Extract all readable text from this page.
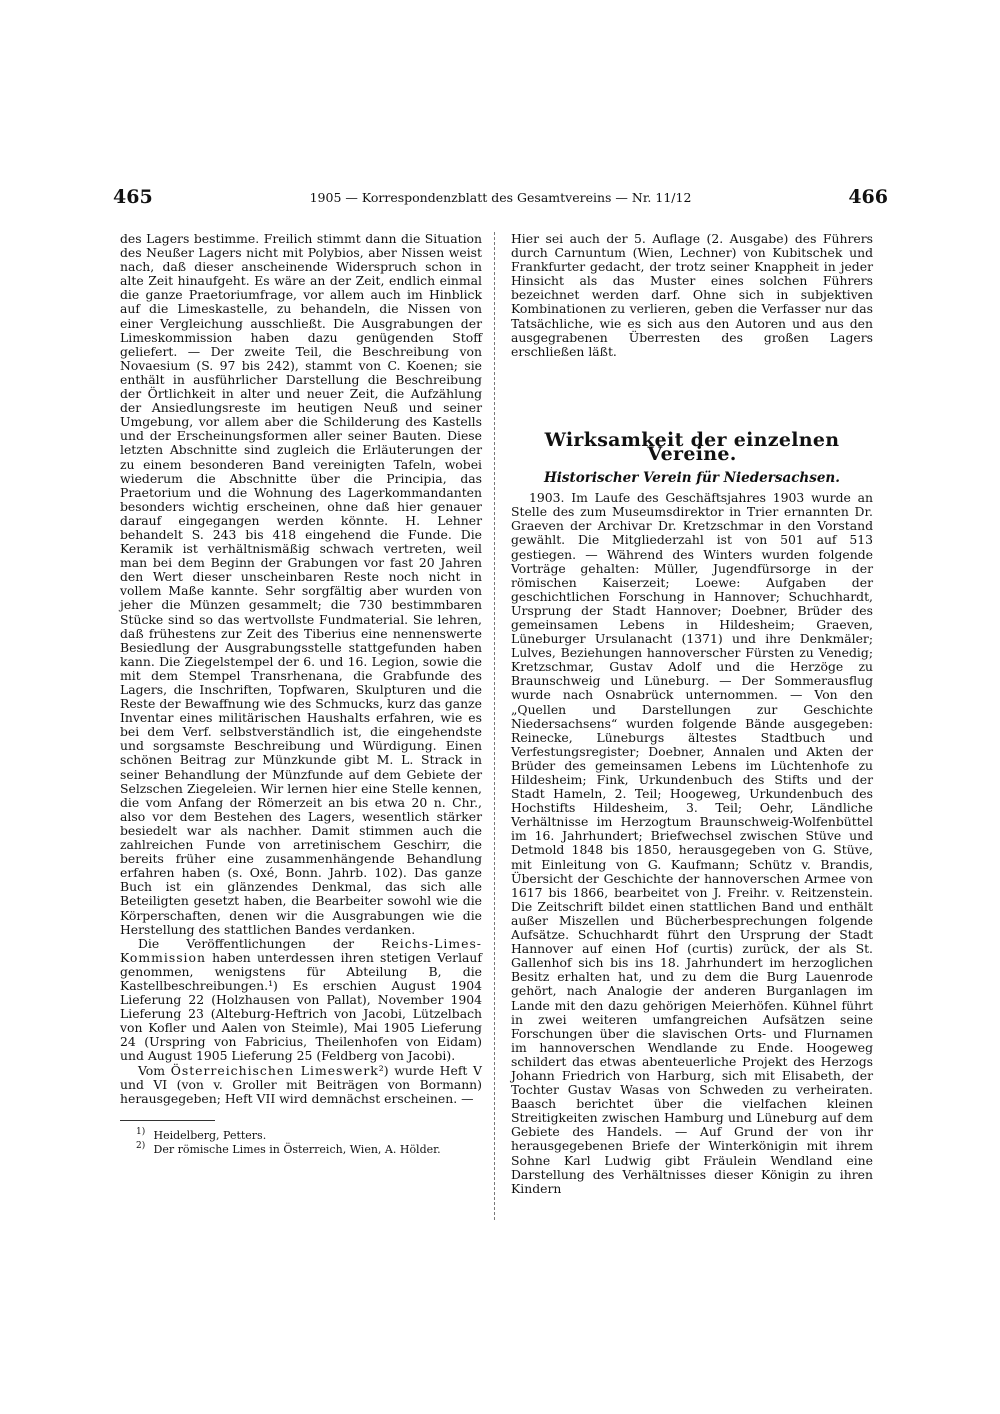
465	1905 — Korrespondenzblatt des Gesamtvereins — Nr. 11/12	466

des Lagers bestimme. Freilich stimmt dann die Situation des Neußer Lagers nicht mit Polybios, aber Nissen weist nach, daß dieser anscheinende Widerspruch schon in alte Zeit hinaufgeht. Es wäre an der Zeit, endlich einmal die ganze Praetoriumfrage, vor allem auch im Hinblick auf die Limeskastelle, zu behandeln, die Nissen von einer Vergleichung ausschließt. Die Ausgrabungen der Limeskommission haben dazu genügenden Stoff geliefert. — Der zweite Teil, die Beschreibung von Novaesium (S. 97 bis 242), stammt von C. Koenen; sie enthält in ausführlicher Darstellung die Beschreibung der Örtlichkeit in alter und neuer Zeit, die Aufzählung der Ansiedlungsreste im heutigen Neuß und seiner Umgebung, vor allem aber die Schilderung des Kastells und der Erscheinungsformen aller seiner Bauten. Diese letzten Abschnitte sind zugleich die Erläuterungen der zu einem besonderen Band vereinigten Tafeln, wobei wiederum die Abschnitte über die Principia, das Praetorium und die Wohnung des Lagerkommandanten besonders wichtig erscheinen, ohne daß hier genauer darauf eingegangen werden könnte. H. Lehner behandelt S. 243 bis 418 eingehend die Funde. Die Keramik ist verhältnismäßig schwach vertreten, weil man bei dem Beginn der Grabungen vor fast 20 Jahren den Wert dieser unscheinbaren Reste noch nicht in vollem Maße kannte. Sehr sorgfältig aber wurden von jeher die Münzen gesammelt; die 730 bestimmbaren Stücke sind so das wertvollste Fundmaterial. Sie lehren, daß frühestens zur Zeit des Tiberius eine nennenswerte Besiedlung der Ausgrabungsstelle stattgefunden haben kann. Die Ziegelstempel der 6. und 16. Legion, sowie die mit dem Stempel Transrhenana, die Grabfunde des Lagers, die Inschriften, Topfwaren, Skulpturen und die Reste der Bewaffnung wie des Schmucks, kurz das ganze Inventar eines militärischen Haushalts erfahren, wie es bei dem Verf. selbstverständlich ist, die eingehendste und sorgsamste Beschreibung und Würdigung. Einen schönen Beitrag zur Münzkunde gibt M. L. Strack in seiner Behandlung der Münzfunde auf dem Gebiete der Selzschen Ziegeleien. Wir lernen hier eine Stelle kennen, die vom Anfang der Römerzeit an bis etwa 20 n. Chr., also vor dem Bestehen des Lagers, wesentlich stärker besiedelt war als nachher. Damit stimmen auch die zahlreichen Funde von arretinischem Geschirr, die bereits früher eine zusammenhängende Behandlung erfahren haben (s. Oxé, Bonn. Jahrb. 102). Das ganze Buch ist ein glänzendes Denkmal, das sich alle Beteiligten gesetzt haben, die Bearbeiter sowohl wie die Körperschaften, denen wir die Ausgrabungen wie die Herstellung des stattlichen Bandes verdanken.

Die Veröffentlichungen der Reichs-Limes-Kommission haben unterdessen ihren stetigen Verlauf genommen, wenigstens für Abteilung B, die Kastellbeschreibungen.¹) Es erschien August 1904 Lieferung 22 (Holzhausen von Pallat), November 1904 Lieferung 23 (Alteburg-Heftrich von Jacobi, Lützelbach von Kofler und Aalen von Steimle), Mai 1905 Lieferung 24 (Urspring von Fabricius, Theilenhofen von Eidam) und August 1905 Lieferung 25 (Feldberg von Jacobi).

Vom Österreichischen Limeswerk²) wurde Heft V und VI (von v. Groller mit Beiträgen von Bormann) herausgegeben; Heft VII wird demnächst erscheinen. —

1) Heidelberg, Petters.
2) Der römische Limes in Österreich, Wien, A. Hölder.

Hier sei auch der 5. Auflage (2. Ausgabe) des Führers durch Carnuntum (Wien, Lechner) von Kubitschek und Frankfurter gedacht, der trotz seiner Knappheit in jeder Hinsicht als das Muster eines solchen Führers bezeichnet werden darf. Ohne sich in subjektiven Kombinationen zu verlieren, geben die Verfasser nur das Tatsächliche, wie es sich aus den Autoren und aus den ausgegrabenen Überresten des großen Lagers erschließen läßt.

Wirksamkeit der einzelnen Vereine.
Historischer Verein für Niedersachsen.

1903. Im Laufe des Geschäftsjahres 1903 wurde an Stelle des zum Museumsdirektor in Trier ernannten Dr. Graeven der Archivar Dr. Kretzschmar in den Vorstand gewählt. Die Mitgliederzahl ist von 501 auf 513 gestiegen. — Während des Winters wurden folgende Vorträge gehalten: Müller, Jugendfürsorge in der römischen Kaiserzeit; Loewe: Aufgaben der geschichtlichen Forschung in Hannover; Schuchhardt, Ursprung der Stadt Hannover; Doebner, Brüder des gemeinsamen Lebens in Hildesheim; Graeven, Lüneburger Ursulanacht (1371) und ihre Denkmäler; Lulves, Beziehungen hannoverscher Fürsten zu Venedig; Kretzschmar, Gustav Adolf und die Herzöge zu Braunschweig und Lüneburg. — Der Sommerausflug wurde nach Osnabrück unternommen. — Von den „Quellen und Darstellungen zur Geschichte Niedersachsens“ wurden folgende Bände ausgegeben: Reinecke, Lüneburgs ältestes Stadtbuch und Verfestungsregister; Doebner, Annalen und Akten der Brüder des gemeinsamen Lebens im Lüchtenhofe zu Hildesheim; Fink, Urkundenbuch des Stifts und der Stadt Hameln, 2. Teil; Hoogeweg, Urkundenbuch des Hochstifts Hildesheim, 3. Teil; Oehr, Ländliche Verhältnisse im Herzogtum Braunschweig-Wolfenbüttel im 16. Jahrhundert; Briefwechsel zwischen Stüve und Detmold 1848 bis 1850, herausgegeben von G. Stüve, mit Einleitung von G. Kaufmann; Schütz v. Brandis, Übersicht der Geschichte der hannoverschen Armee von 1617 bis 1866, bearbeitet von J. Freihr. v. Reitzenstein. Die Zeitschrift bildet einen stattlichen Band und enthält außer Miszellen und Bücherbesprechungen folgende Aufsätze. Schuchhardt führt den Ursprung der Stadt Hannover auf einen Hof (curtis) zurück, der als St. Gallenhof sich bis ins 18. Jahrhundert im herzoglichen Besitz erhalten hat, und zu dem die Burg Lauenrode gehört, nach Analogie der anderen Burganlagen im Lande mit den dazu gehörigen Meierhöfen. Kühnel führt in zwei weiteren umfangreichen Aufsätzen seine Forschungen über die slavischen Orts- und Flurnamen im hannoverschen Wendlande zu Ende. Hoogeweg schildert das etwas abenteuerliche Projekt des Herzogs Johann Friedrich von Harburg, sich mit Elisabeth, der Tochter Gustav Wasas von Schweden zu verheiraten. Baasch berichtet über die vielfachen kleinen Streitigkeiten zwischen Hamburg und Lüneburg auf dem Gebiete des Handels. — Auf Grund der von ihr herausgegebenen Briefe der Winterkönigin mit ihrem Sohne Karl Ludwig gibt Fräulein Wendland eine Darstellung des Verhältnisses dieser Königin zu ihren Kindern
